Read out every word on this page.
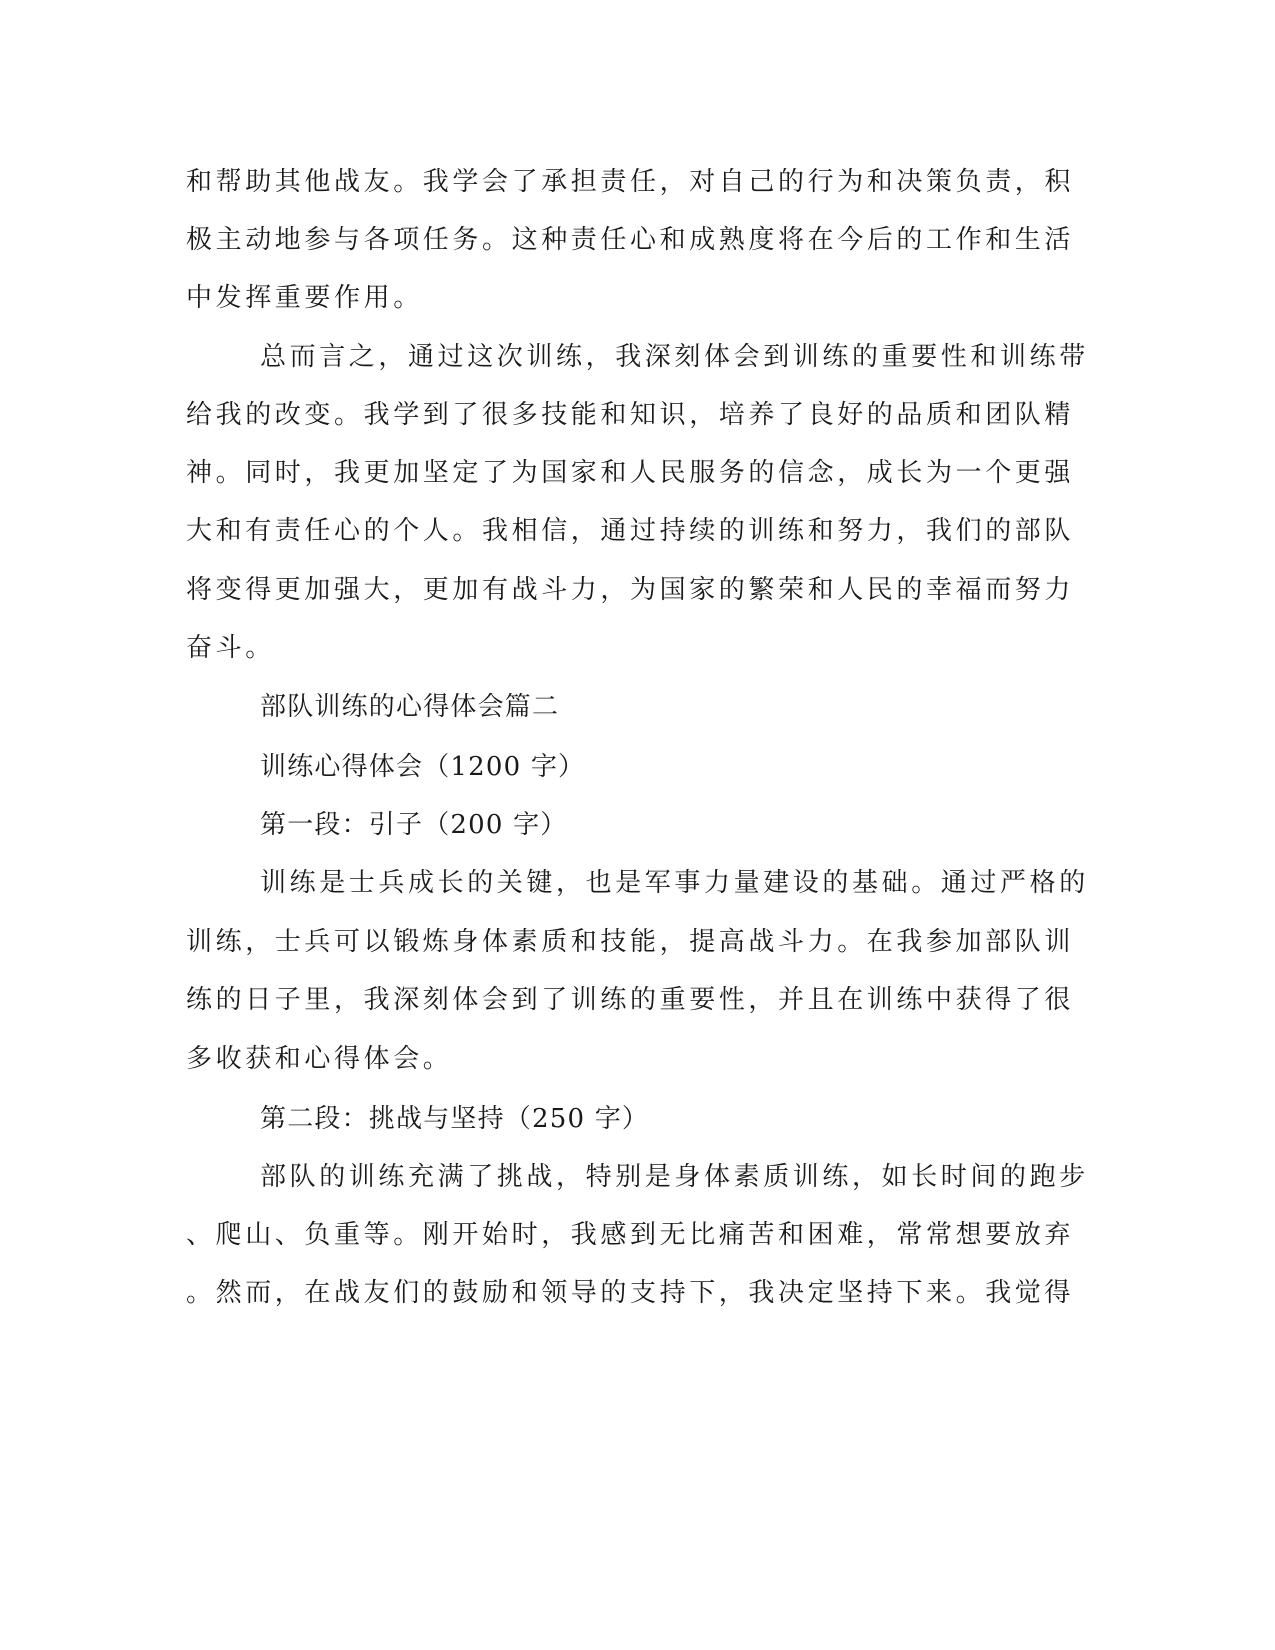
和帮助其他战友。我学会了承担责任，对自己的行为和决策负责，积
极主动地参与各项任务。这种责任心和成熟度将在今后的工作和生活
中发挥重要作用。
总而言之，通过这次训练，我深刻体会到训练的重要性和训练带
给我的改变。我学到了很多技能和知识，培养了良好的品质和团队精
神。同时，我更加坚定了为国家和人民服务的信念，成长为一个更强
大和有责任心的个人。我相信，通过持续的训练和努力，我们的部队
将变得更加强大，更加有战斗力，为国家的繁荣和人民的幸福而努力
奋斗。
部队训练的心得体会篇二
训练心得体会（1200 字）
第一段：引子（200 字）
训练是士兵成长的关键，也是军事力量建设的基础。通过严格的
训练，士兵可以锻炼身体素质和技能，提高战斗力。在我参加部队训
练的日子里，我深刻体会到了训练的重要性，并且在训练中获得了很
多收获和心得体会。
第二段：挑战与坚持（250 字）
部队的训练充满了挑战，特别是身体素质训练，如长时间的跑步
、爬山、负重等。刚开始时，我感到无比痛苦和困难，常常想要放弃
。然而，在战友们的鼓励和领导的支持下，我决定坚持下来。我觉得
